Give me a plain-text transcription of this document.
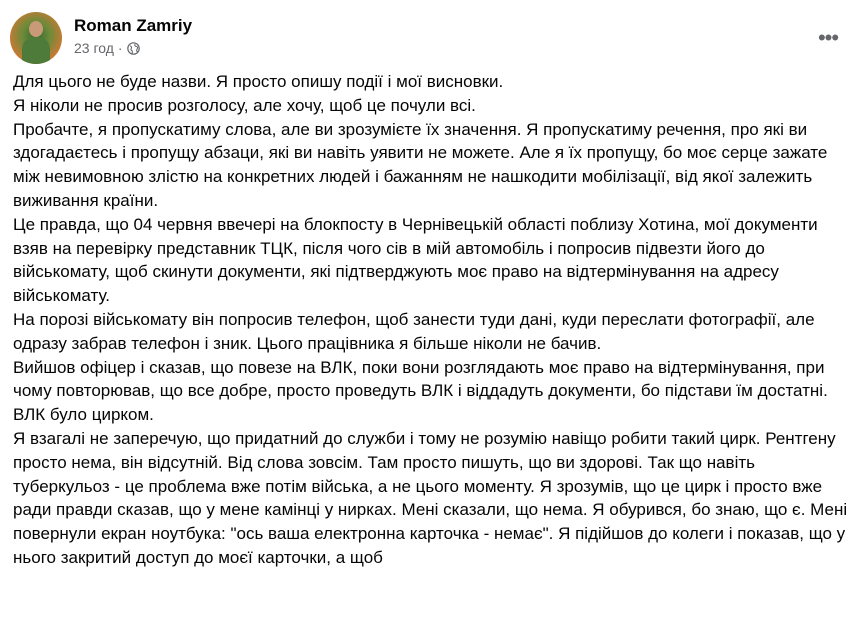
Roman Zamriy
23 год ·	•••

Для цього не буде назви. Я просто опишу події і мої висновки.

Я ніколи не просив розголосу, але хочу, щоб це почули всі.

Пробачте, я пропускатиму слова, але ви зрозумієте їх значення. Я пропускатиму речення, про які ви здогадаєтесь і пропущу абзаци, які ви навіть уявити не можете. Але я їх пропущу, бо моє серце зажате між невимовною злістю на конкретних людей і бажанням не нашкодити мобілізації, від якої залежить виживання країни.

Це правда, що 04 червня ввечері на блокпосту в Чернівецькій області поблизу Хотина, мої документи взяв на перевірку представник ТЦК, після чого сів в мій автомобіль і попросив підвезти його до військомату, щоб скинути документи, які підтверджують моє право на відтермінування на адресу військомату.

На порозі військомату він попросив телефон, щоб занести туди дані, куди переслати фотографії, але одразу забрав телефон і зник. Цього працівника я більше ніколи не бачив.

Вийшов офіцер і сказав, що повезе на ВЛК, поки вони розглядають моє право на відтермінування, при чому повторював, що все добре, просто проведуть ВЛК і віддадуть документи, бо підстави їм достатні.

ВЛК було цирком.

Я взагалі не заперечую, що придатний до служби і тому не розумію навіщо робити такий цирк. Рентгену просто нема, він відсутній. Від слова зовсім. Там просто пишуть, що ви здорові. Так що навіть туберкульоз - це проблема вже потім війська, а не цього моменту. Я зрозумів, що це цирк і просто вже ради правди сказав, що у мене камінці у нирках. Мені сказали, що нема. Я обурився, бо знаю, що є. Мені повернули екран ноутбука: "ось ваша електронна карточка - немає". Я підійшов до колеги і показав, що у нього закритий доступ до моєї карточки, а щоб
